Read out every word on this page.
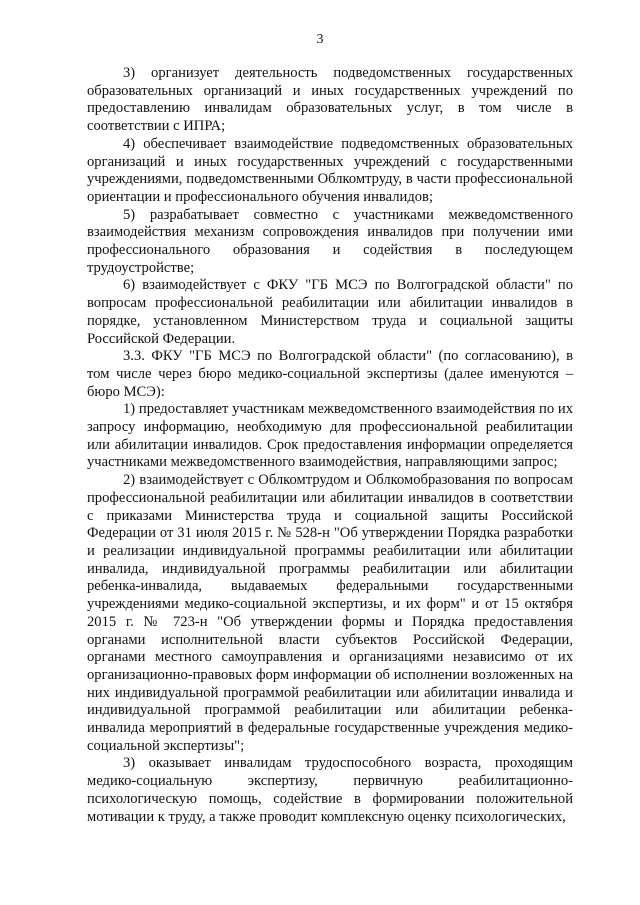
3

3) организует деятельность подведомственных государственных образовательных организаций и иных государственных учреждений по предоставлению инвалидам образовательных услуг, в том числе в соответствии с ИПРА;

4) обеспечивает взаимодействие подведомственных образовательных организаций и иных государственных учреждений с государственными учреждениями, подведомственными Облкомтруду, в части профессиональной ориентации и профессионального обучения инвалидов;

5) разрабатывает совместно с участниками межведомственного взаимодействия механизм сопровождения инвалидов при получении ими профессионального образования и содействия в последующем трудоустройстве;

6) взаимодействует с ФКУ "ГБ МСЭ по Волгоградской области" по вопросам профессиональной реабилитации или абилитации инвалидов в порядке, установленном Министерством труда и социальной защиты Российской Федерации.

3.3. ФКУ "ГБ МСЭ по Волгоградской области" (по согласованию), в том числе через бюро медико-социальной экспертизы (далее именуются – бюро МСЭ):

1) предоставляет участникам межведомственного взаимодействия по их запросу информацию, необходимую для профессиональной реабилитации или абилитации инвалидов. Срок предоставления информации определяется участниками межведомственного взаимодействия, направляющими запрос;

2) взаимодействует с Облкомтрудом и Облкомобразования по вопросам профессиональной реабилитации или абилитации инвалидов в соответствии с приказами Министерства труда и социальной защиты Российской Федерации от 31 июля 2015 г. № 528-н "Об утверждении Порядка разработки и реализации индивидуальной программы реабилитации или абилитации инвалида, индивидуальной программы реабилитации или абилитации ребенка-инвалида, выдаваемых федеральными государственными учреждениями медико-социальной экспертизы, и их форм" и от 15 октября 2015 г. № 723-н "Об утверждении формы и Порядка предоставления органами исполнительной власти субъектов Российской Федерации, органами местного самоуправления и организациями независимо от их организационно-правовых форм информации об исполнении возложенных на них индивидуальной программой реабилитации или абилитации инвалида и индивидуальной программой реабилитации или абилитации ребенка-инвалида мероприятий в федеральные государственные учреждения медико-социальной экспертизы";

3) оказывает инвалидам трудоспособного возраста, проходящим медико-социальную экспертизу, первичную реабилитационно-психологическую помощь, содействие в формировании положительной мотивации к труду, а также проводит комплексную оценку психологических,
